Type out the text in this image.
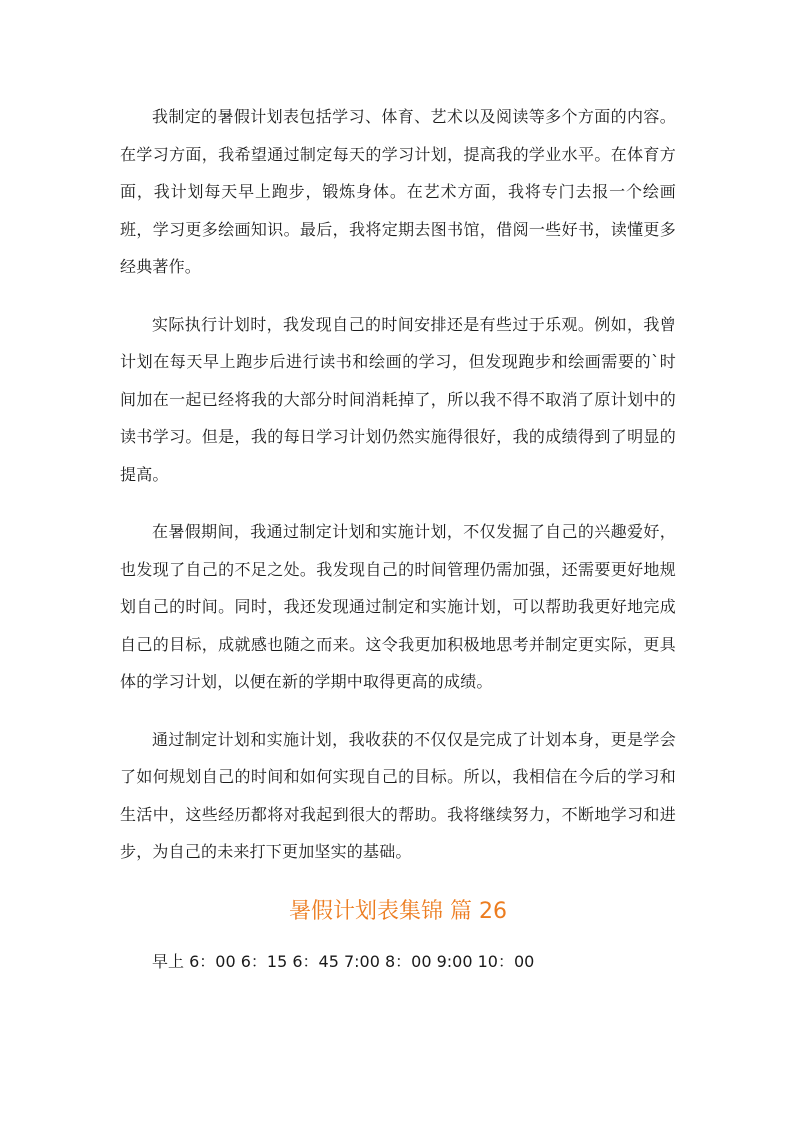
我制定的暑假计划表包括学习、体育、艺术以及阅读等多个方面的内容。在学习方面，我希望通过制定每天的学习计划，提高我的学业水平。在体育方面，我计划每天早上跑步，锻炼身体。在艺术方面，我将专门去报一个绘画班，学习更多绘画知识。最后，我将定期去图书馆，借阅一些好书，读懂更多经典著作。

实际执行计划时，我发现自己的时间安排还是有些过于乐观。例如，我曾计划在每天早上跑步后进行读书和绘画的学习，但发现跑步和绘画需要的`时间加在一起已经将我的大部分时间消耗掉了，所以我不得不取消了原计划中的读书学习。但是，我的每日学习计划仍然实施得很好，我的成绩得到了明显的提高。

在暑假期间，我通过制定计划和实施计划，不仅发掘了自己的兴趣爱好，也发现了自己的不足之处。我发现自己的时间管理仍需加强，还需要更好地规划自己的时间。同时，我还发现通过制定和实施计划，可以帮助我更好地完成自己的目标，成就感也随之而来。这令我更加积极地思考并制定更实际，更具体的学习计划，以便在新的学期中取得更高的成绩。

通过制定计划和实施计划，我收获的不仅仅是完成了计划本身，更是学会了如何规划自己的时间和如何实现自己的目标。所以，我相信在今后的学习和生活中，这些经历都将对我起到很大的帮助。我将继续努力，不断地学习和进步，为自己的未来打下更加坚实的基础。

暑假计划表集锦 篇 26

早上 6：00 6：15 6：45 7:00 8：00 9:00 10：00
